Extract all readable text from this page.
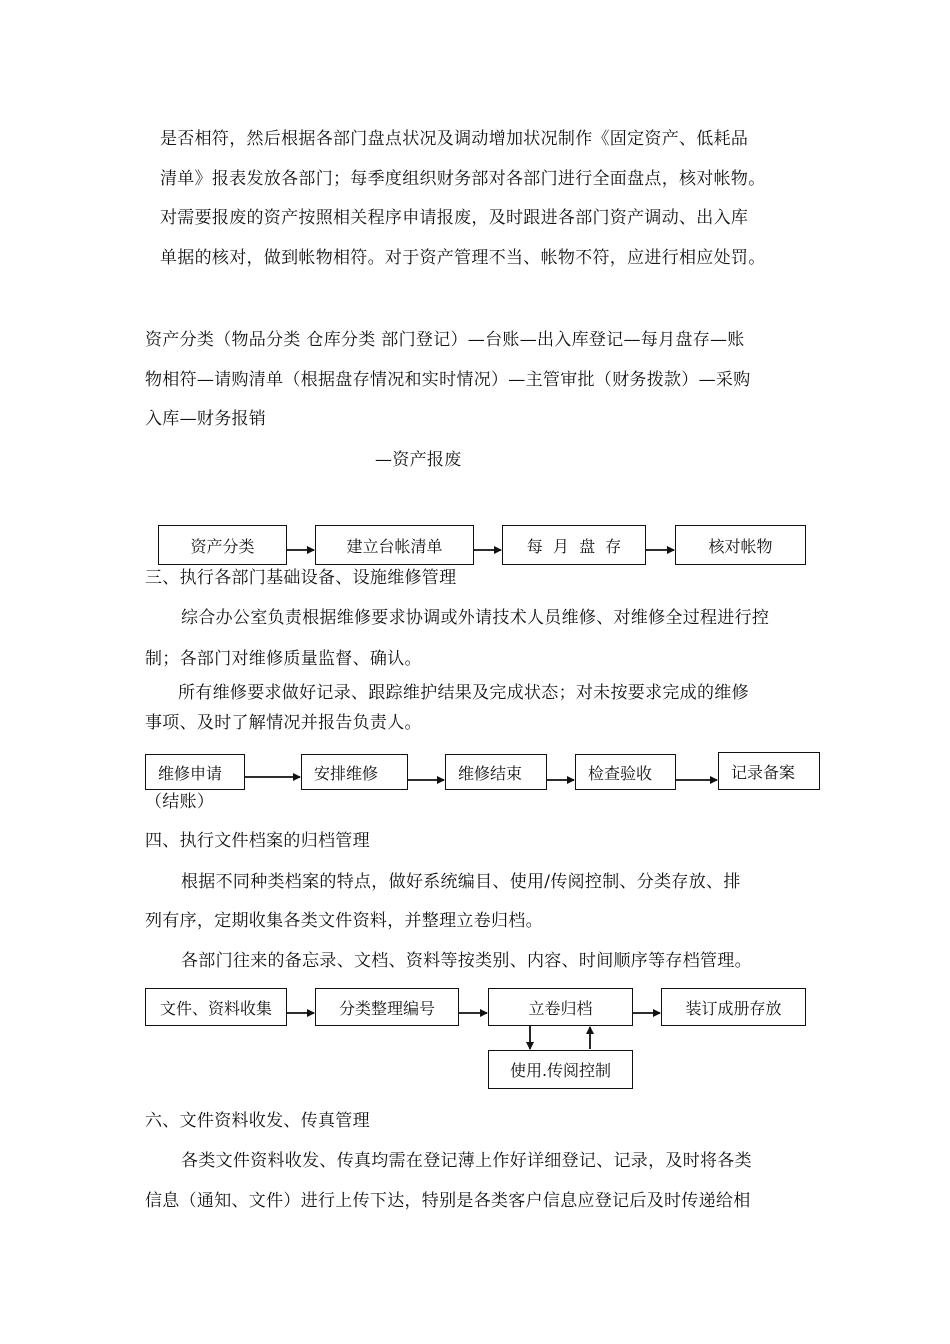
是否相符，然后根据各部门盘点状况及调动增加状况制作《固定资产、低耗品
清单》报表发放各部门；每季度组织财务部对各部门进行全面盘点，核对帐物。
对需要报废的资产按照相关程序申请报废，及时跟进各部门资产调动、出入库
单据的核对，做到帐物相符。对于资产管理不当、帐物不符，应进行相应处罚。
资产分类（物品分类 仓库分类 部门登记）—台账—出入库登记—每月盘存—账
物相符—请购清单（根据盘存情况和实时情况）—主管审批（财务拨款）—采购
入库—财务报销
—资产报废
资产分类	建立台帐清单	每  月  盘  存	核对帐物
三、执行各部门基础设备、设施维修管理
综合办公室负责根据维修要求协调或外请技术人员维修、对维修全过程进行控
制；各部门对维修质量监督、确认。
所有维修要求做好记录、跟踪维护结果及完成状态；对未按要求完成的维修
事项、及时了解情况并报告负责人。
维修申请
（结账）
安排维修	维修结束	检查验收	记录备案
四、执行文件档案的归档管理
根据不同种类档案的特点，做好系统编目、使用/传阅控制、分类存放、排
列有序，定期收集各类文件资料，并整理立卷归档。
各部门往来的备忘录、文档、资料等按类别、内容、时间顺序等存档管理。
文件、资料收集	分类整理编号	立卷归档	装订成册存放
使用.传阅控制
六、文件资料收发、传真管理
各类文件资料收发、传真均需在登记薄上作好详细登记、记录，及时将各类
信息（通知、文件）进行上传下达，特别是各类客户信息应登记后及时传递给相
